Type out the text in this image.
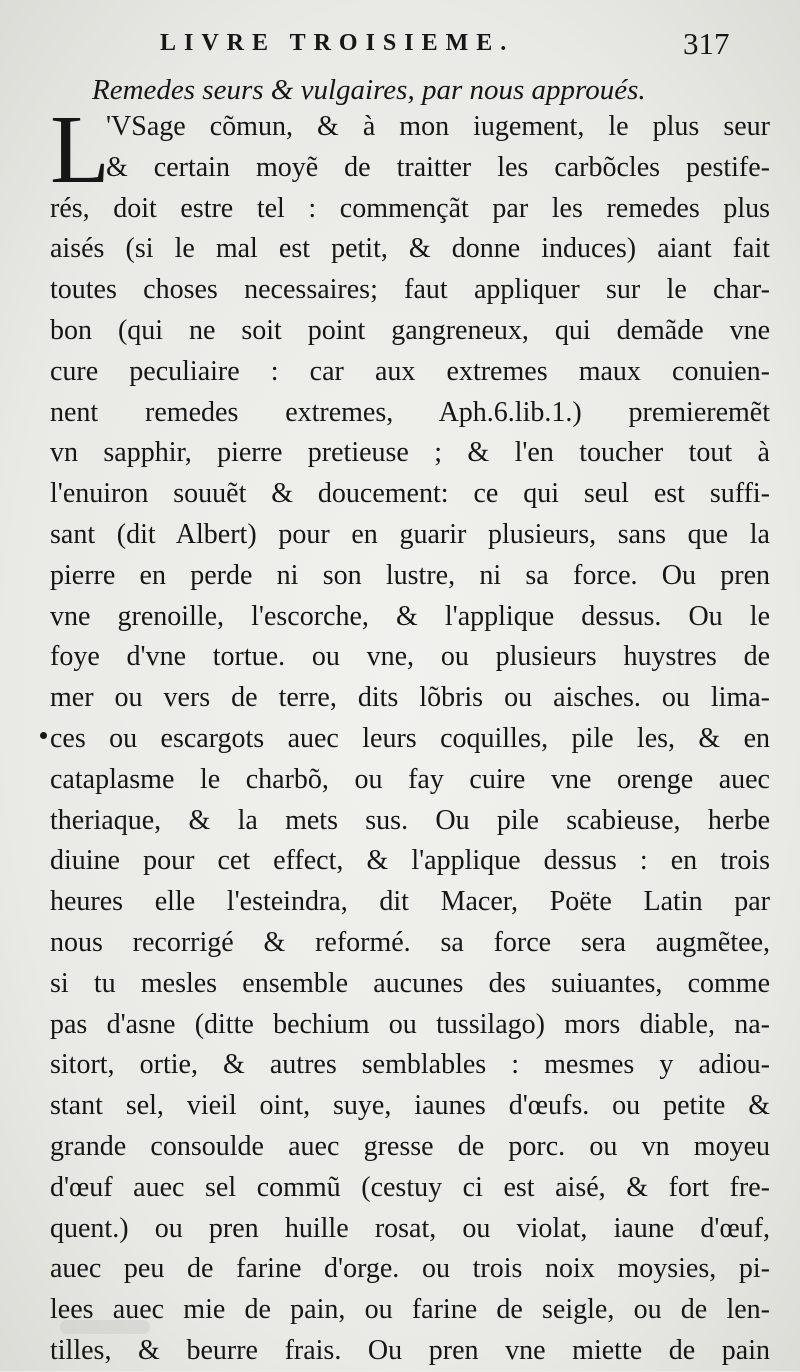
LIVRE TROISIEME.	317
Remedes seurs & vulgaires, par nous approués.
L
'VSage cõmun, & à mon iugement, le plus seur
& certain moyẽ de traitter les carbõcles pestife-
rés, doit estre tel : commençãt par les remedes plus
aisés (si le mal est petit, & donne induces) aiant fait
toutes choses necessaires; faut appliquer sur le char-
bon (qui ne soit point gangreneux, qui demãde vne
cure peculiaire : car aux extremes maux conuien-
nent remedes extremes, Aph.6.lib.1.) premieremẽt
vn sapphir, pierre pretieuse ; & l'en toucher tout à
l'enuiron souuẽt & doucement: ce qui seul est suffi-
sant (dit Albert) pour en guarir plusieurs, sans que la
pierre en perde ni son lustre, ni sa force. Ou pren
vne grenoille, l'escorche, & l'applique dessus. Ou le
foye d'vne tortue. ou vne, ou plusieurs huystres de
mer ou vers de terre, dits lõbris ou aisches. ou lima-
ces ou escargots auec leurs coquilles, pile les, & en
cataplasme le charbõ, ou fay cuire vne orenge auec
theriaque, & la mets sus. Ou pile scabieuse, herbe
diuine pour cet effect, & l'applique dessus : en trois
heures elle l'esteindra, dit Macer, Poëte Latin par
nous recorrigé & reformé. sa force sera augmẽtee,
si tu mesles ensemble aucunes des suiuantes, comme
pas d'asne (ditte bechium ou tussilago) mors diable, na-
sitort, ortie, & autres semblables : mesmes y adiou-
stant sel, vieil oint, suye, iaunes d'œufs. ou petite &
grande consoulde auec gresse de porc. ou vn moyeu
d'œuf auec sel commũ (cestuy ci est aisé, & fort fre-
quent.) ou pren huille rosat, ou violat, iaune d'œuf,
auec peu de farine d'orge. ou trois noix moysies, pi-
lees auec mie de pain, ou farine de seigle, ou de len-
tilles, & beurre frais. Ou pren vne miette de pain
